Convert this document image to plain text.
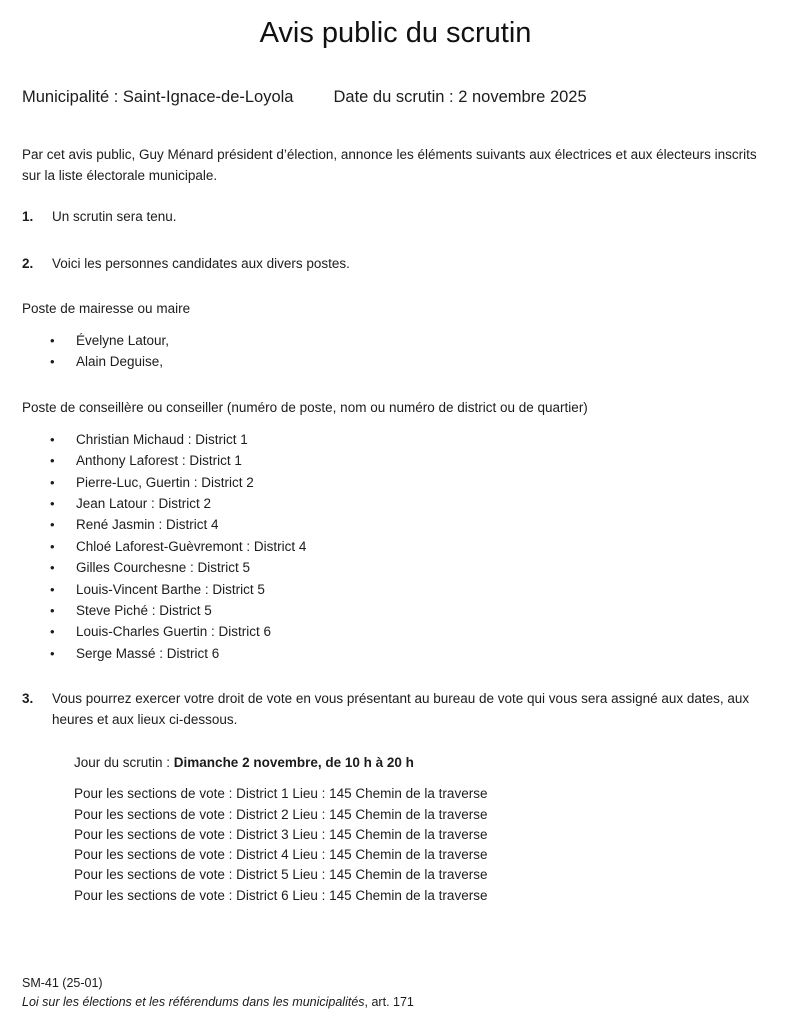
Avis public du scrutin
Municipalité : Saint-Ignace-de-Loyola Date du scrutin : 2 novembre 2025

Par cet avis public, Guy Ménard président d’élection, annonce les éléments suivants aux électrices et aux électeurs inscrits sur la liste électorale municipale.

1.	Un scrutin sera tenu.
2.	Voici les personnes candidates aux divers postes.

Poste de mairesse ou maire

•	Évelyne Latour,
•	Alain Deguise,

Poste de conseillère ou conseiller (numéro de poste, nom ou numéro de district ou de quartier)

•	Christian Michaud : District 1
•	Anthony Laforest : District 1
•	Pierre-Luc, Guertin : District 2
•	Jean Latour : District 2
•	René Jasmin : District 4
•	Chloé Laforest-Guèvremont : District 4
•	Gilles Courchesne : District 5
•	Louis-Vincent Barthe : District 5
•	Steve Piché : District 5
•	Louis-Charles Guertin : District 6
•	Serge Massé : District 6
3.	Vous pourrez exercer votre droit de vote en vous présentant au bureau de vote qui vous sera assigné aux dates, aux heures et aux lieux ci-dessous.

Jour du scrutin : Dimanche 2 novembre, de 10 h à 20 h

Pour les sections de vote : District 1 Lieu : 145 Chemin de la traverse
Pour les sections de vote : District 2 Lieu : 145 Chemin de la traverse
Pour les sections de vote : District 3 Lieu : 145 Chemin de la traverse
Pour les sections de vote : District 4 Lieu : 145 Chemin de la traverse
Pour les sections de vote : District 5 Lieu : 145 Chemin de la traverse
Pour les sections de vote : District 6 Lieu : 145 Chemin de la traverse
SM-41 (25-01)
Loi sur les élections et les référendums dans les municipalités, art. 171
